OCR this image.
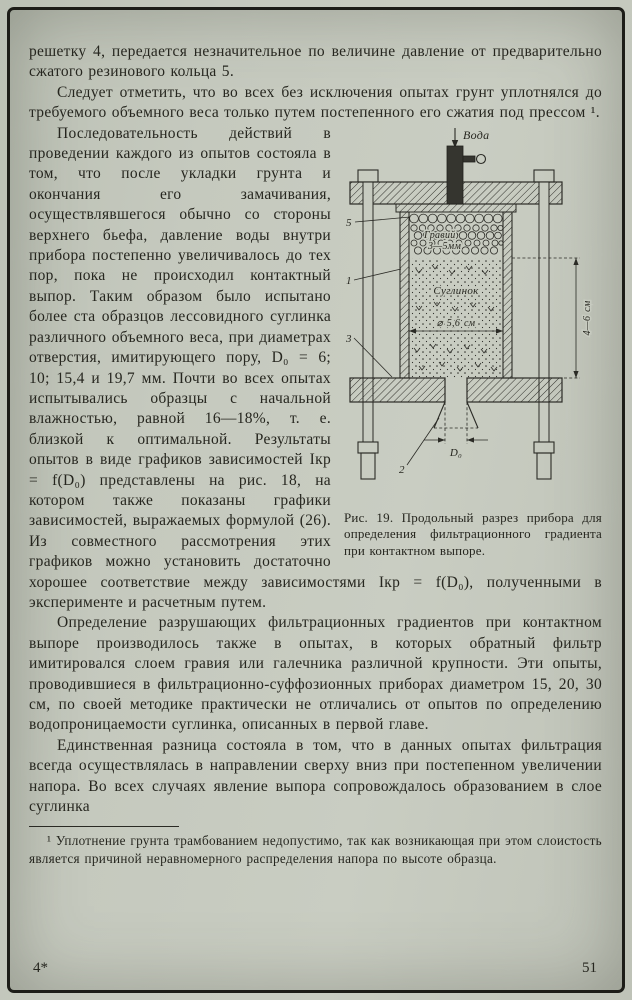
решетку 4, передается незначительное по величине давление от предварительно сжатого резинового кольца 5.

Следует отметить, что во всех без исключения опытах грунт уплотнялся до требуемого объемного веса только путем постепенного его сжатия под прессом ¹.

Вода
Гравий
3—5мм
Суглинок
⌀ 5,6 см
D₀
4—6 см
5
1
3
2

Рис. 19. Продольный разрез прибора для определения фильтрационного градиента при контактном выпоре.

Последовательность действий в проведении каждого из опытов состояла в том, что после укладки грунта и окончания его замачивания, осуществлявшегося обычно со стороны верхнего бьефа, давление воды внутри прибора постепенно увеличивалось до тех пор, пока не происходил контактный выпор. Таким образом было испытано более ста образцов лессовидного суглинка различного объемного веса, при диаметрах отверстия, имитирующего пору, D₀ = 6; 10; 15,4 и 19,7 мм. Почти во всех опытах испытывались образцы с начальной влажностью, равной 16—18%, т. е. близкой к оптимальной. Результаты опытов в виде графиков зависимостей Iкр = f(D₀) представлены на рис. 18, на котором также показаны графики зависимостей, выражаемых формулой (26). Из совместного рассмотрения этих графиков можно установить достаточно хорошее соответствие между зависимостями Iкр = f(D₀), полученными в эксперименте и расчетным путем.

Определение разрушающих фильтрационных градиентов при контактном выпоре производилось также в опытах, в которых обратный фильтр имитировался слоем гравия или галечника различной крупности. Эти опыты, проводившиеся в фильтрационно-суффозионных приборах диаметром 15, 20, 30 см, по своей методике практически не отличались от опытов по определению водопроницаемости суглинка, описанных в первой главе.

Единственная разница состояла в том, что в данных опытах фильтрация всегда осуществлялась в направлении сверху вниз при постепенном увеличении напора. Во всех случаях явление выпора сопровождалось образованием в слое суглинка

¹ Уплотнение грунта трамбованием недопустимо, так как возникающая при этом слоистость является причиной неравномерного распределения напора по высоте образца.

4*	51
